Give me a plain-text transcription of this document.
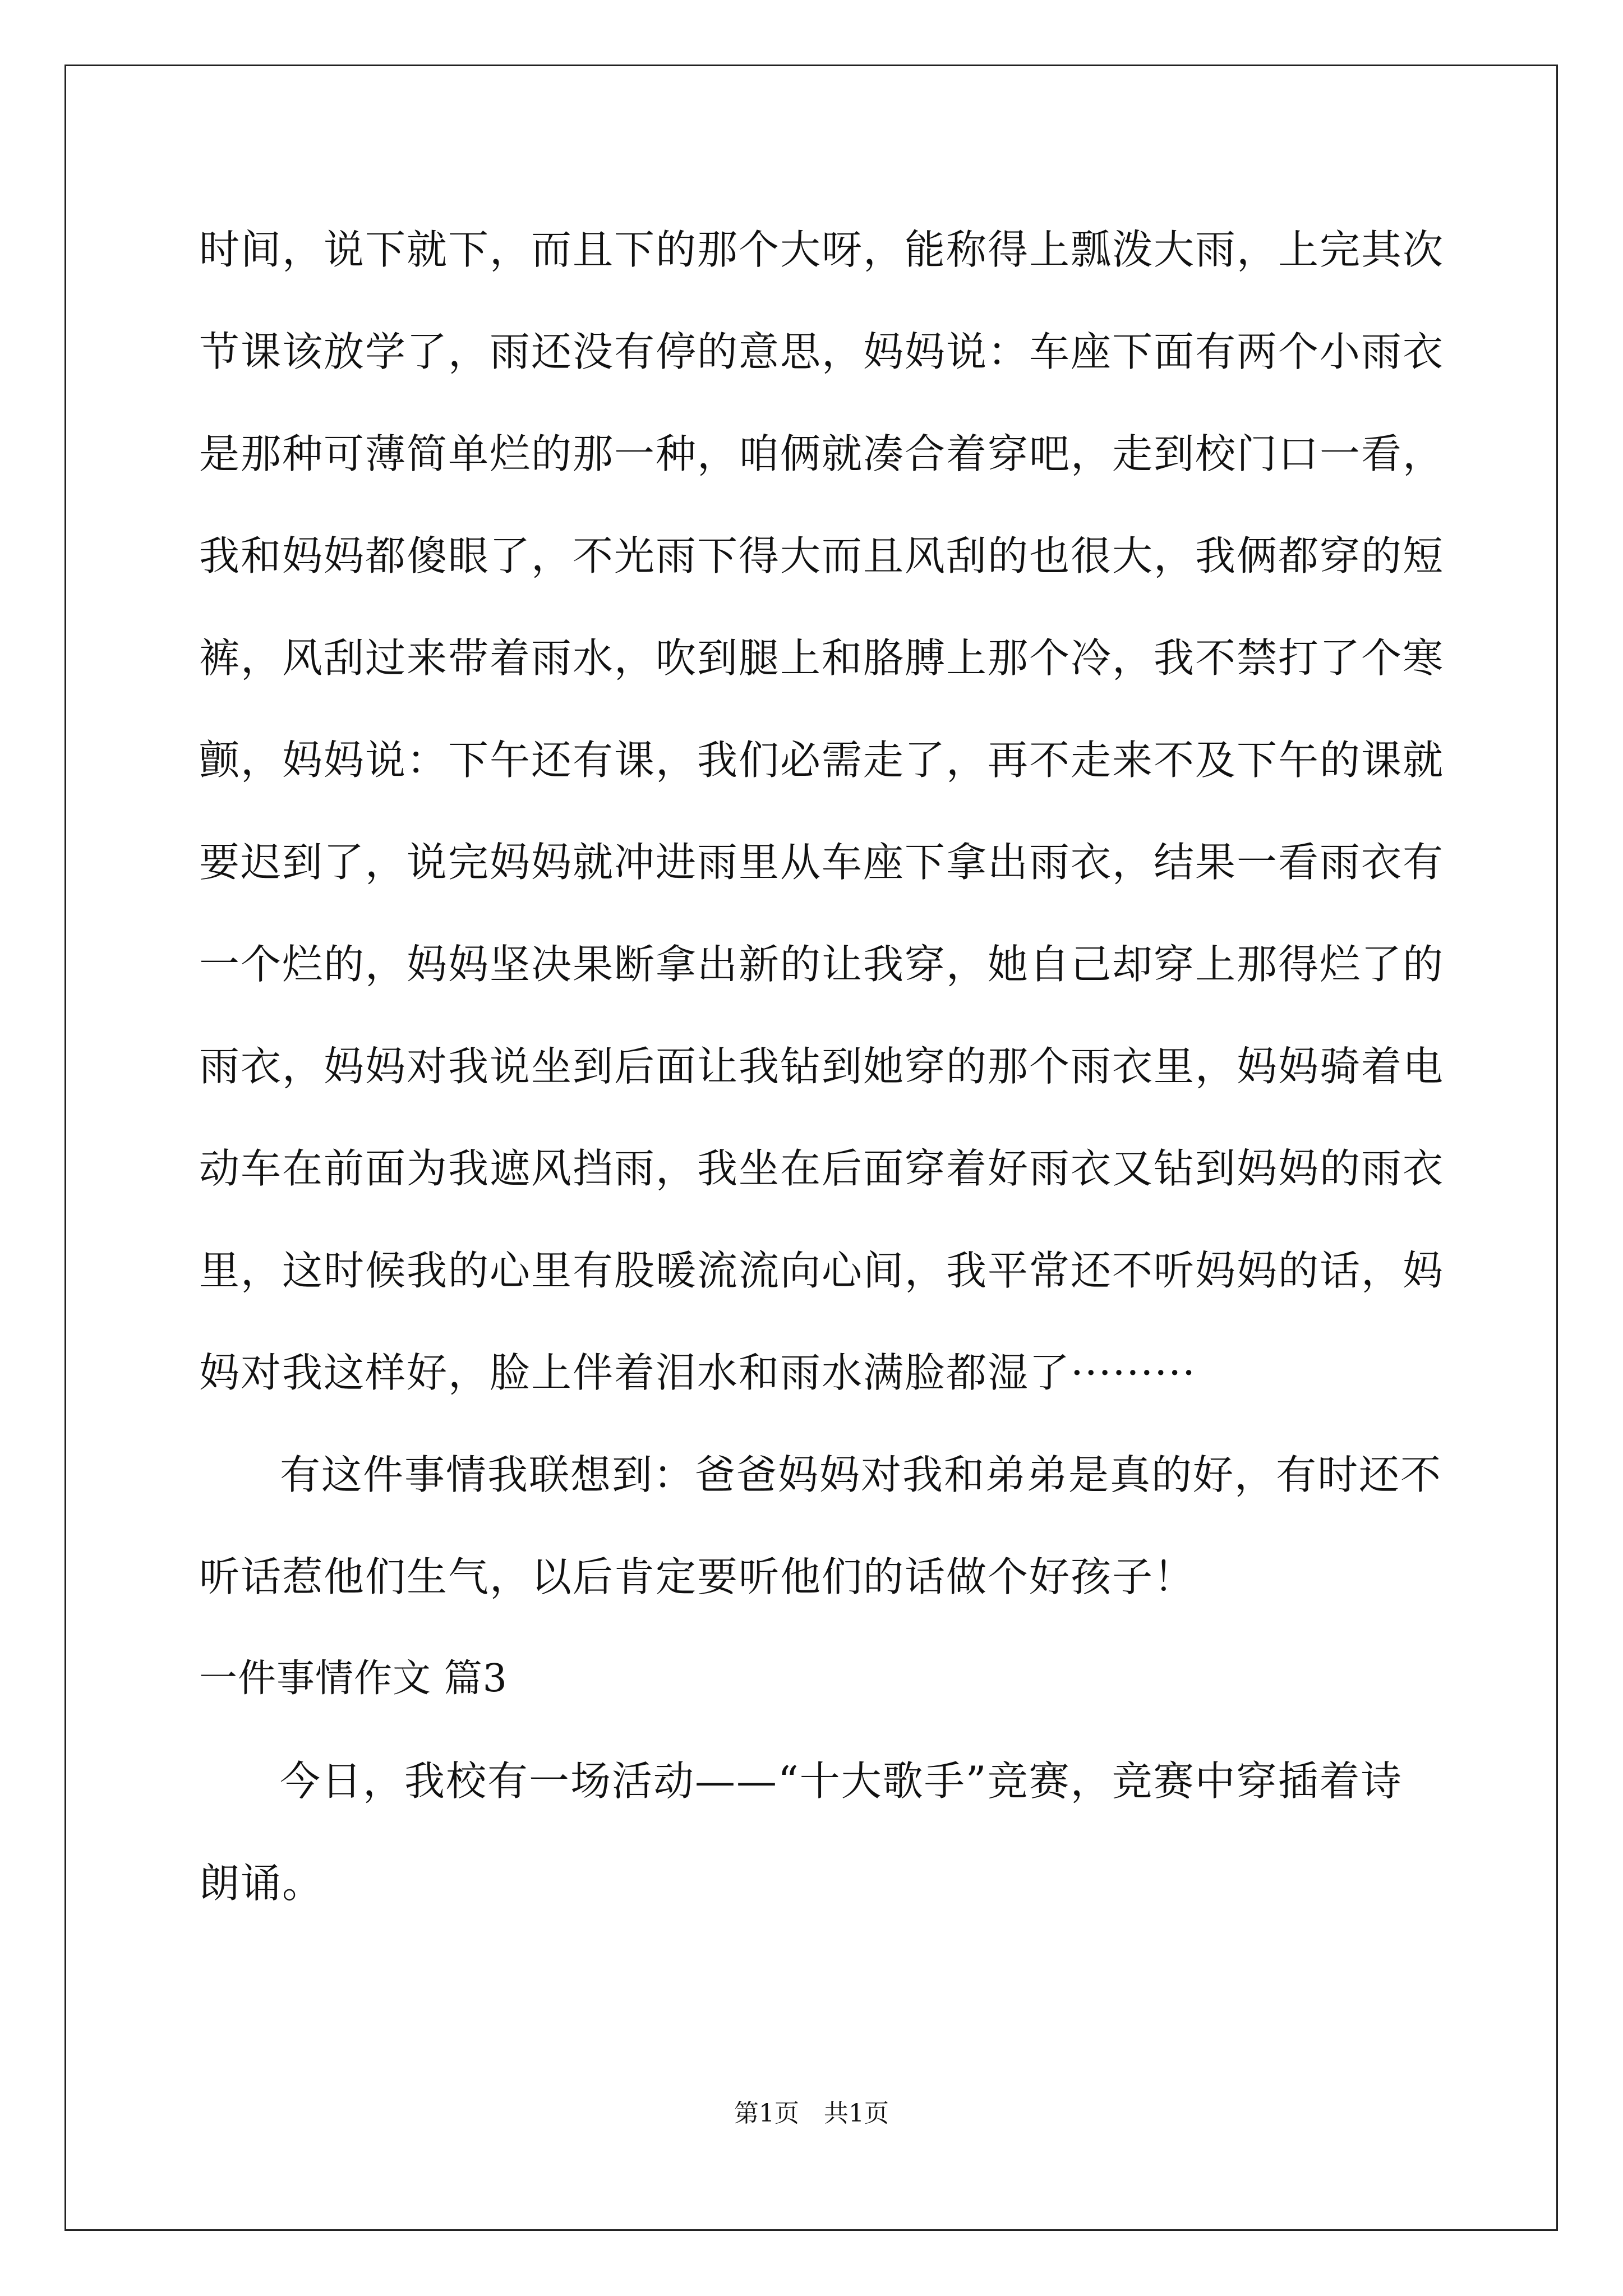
时间，说下就下，而且下的那个大呀，能称得上瓢泼大雨，上完其次
节课该放学了，雨还没有停的意思，妈妈说：车座下面有两个小雨衣
是那种可薄简单烂的那一种，咱俩就凑合着穿吧，走到校门口一看，
我和妈妈都傻眼了，不光雨下得大而且风刮的也很大，我俩都穿的短
裤，风刮过来带着雨水，吹到腿上和胳膊上那个冷，我不禁打了个寒
颤，妈妈说：下午还有课，我们必需走了，再不走来不及下午的课就
要迟到了，说完妈妈就冲进雨里从车座下拿出雨衣，结果一看雨衣有
一个烂的，妈妈坚决果断拿出新的让我穿，她自己却穿上那得烂了的
雨衣，妈妈对我说坐到后面让我钻到她穿的那个雨衣里，妈妈骑着电
动车在前面为我遮风挡雨，我坐在后面穿着好雨衣又钻到妈妈的雨衣
里，这时候我的心里有股暖流流向心间，我平常还不听妈妈的话，妈
妈对我这样好，脸上伴着泪水和雨水满脸都湿了·········
有这件事情我联想到：爸爸妈妈对我和弟弟是真的好，有时还不
听话惹他们生气，以后肯定要听他们的话做个好孩子！
一件事情作文 篇3
今日，我校有一场活动——“十大歌手”竞赛，竞赛中穿插着诗
朗诵。
第1页　共1页
